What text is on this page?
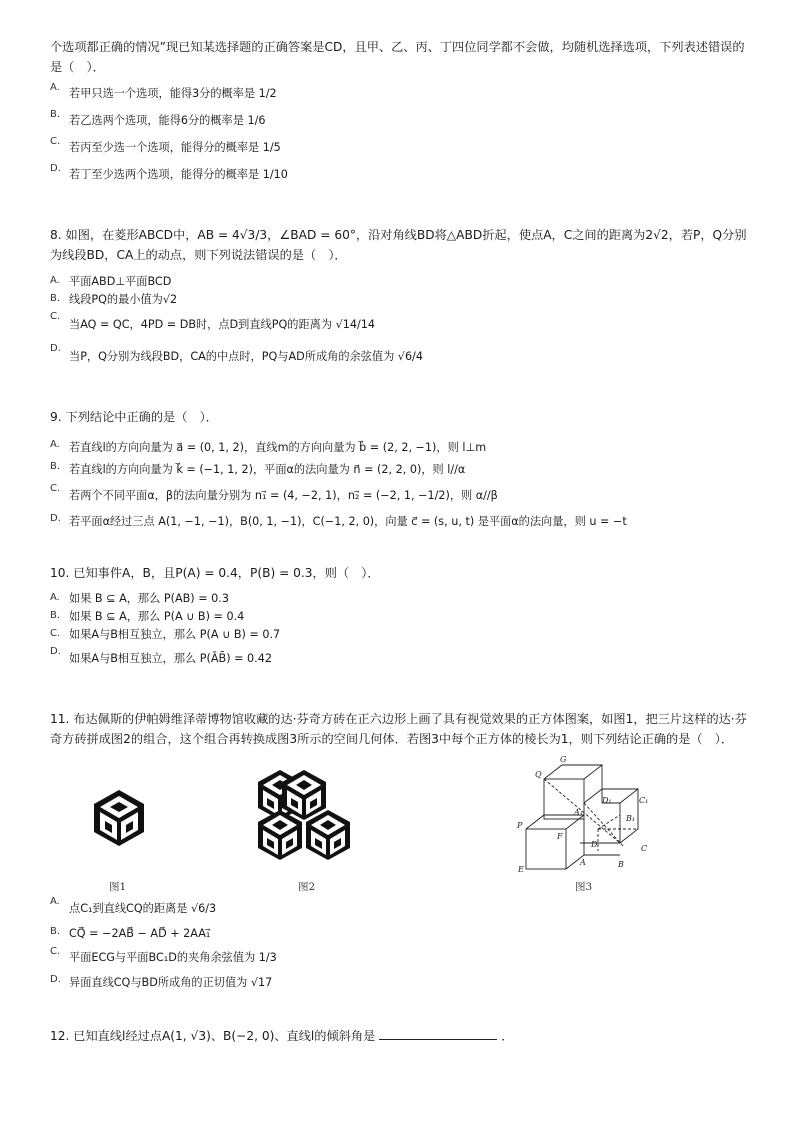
个选项都正确的情况”现已知某选择题的正确答案是CD，且甲、乙、丙、丁四位同学都不会做，均随机选择选项，下列表述错误的是（　）．

A. 若甲只选一个选项，能得3分的概率是 1/2
B. 若乙选两个选项，能得6分的概率是 1/6
C. 若丙至少选一个选项，能得分的概率是 1/5
D. 若丁至少选两个选项，能得分的概率是 1/10

8. 如图，在菱形ABCD中，AB = 4√3/3，∠BAD = 60°，沿对角线BD将△ABD折起，使点A，C之间的距离为2√2，若P，Q分别为线段BD，CA上的动点，则下列说法错误的是（　）．

A. 平面ABD⊥平面BCD
B. 线段PQ的最小值为√2
C.
当AQ = QC，4PD = DB时，点D到直线PQ的距离为 √14/14
D.
当P，Q分别为线段BD，CA的中点时，PQ与AD所成角的余弦值为 √6/4

9. 下列结论中正确的是（　）．

A. 若直线l的方向向量为 a⃗ = (0, 1, 2)，直线m的方向向量为 b⃗ = (2, 2, −1)，则 l⊥m
B. 若直线l的方向向量为 k⃗ = (−1, 1, 2)，平面α的法向量为 n⃗ = (2, 2, 0)，则 l//α
C.
若两个不同平面α，β的法向量分别为 n₁⃗ = (4, −2, 1)，n₂⃗ = (−2, 1, −1/2)，则 α//β
D. 若平面α经过三点 A(1, −1, −1)，B(0, 1, −1)，C(−1, 2, 0)，向量 c⃗ = (s, u, t) 是平面α的法向量，则 u = −t

10. 已知事件A，B，且P(A) = 0.4，P(B) = 0.3，则（　）．

A. 如果 B ⊆ A，那么 P(AB) = 0.3
B. 如果 B ⊆ A，那么 P(A ∪ B) = 0.4
C. 如果A与B相互独立，那么 P(A ∪ B) = 0.7
D.
如果A与B相互独立，那么 P(ĀB̄) = 0.42

11. 布达佩斯的伊帕姆维泽蒂博物馆收藏的达·芬奇方砖在正六边形上画了具有视觉效果的正方体图案，如图1，把三片这样的达·芬奇方砖拼成图2的组合，这个组合再转换成图3所示的空间几何体．若图3中每个正方体的棱长为1，则下列结论正确的是（　）．

图1	图2
G
Q
D₁	C₁
A₁
B₁
P
F
D	C
E
A	B
图3
A.
点C₁到直线CQ的距离是 √6/3
B. CQ⃗ = −2AB⃗ − AD⃗ + 2AA₁⃗
C. 平面ECG与平面BC₁D的夹角余弦值为 1/3
D. 异面直线CQ与BD所成角的正切值为 √17

12. 已知直线l经过点A(1, √3)、B(−2, 0)、直线l的倾斜角是	．
